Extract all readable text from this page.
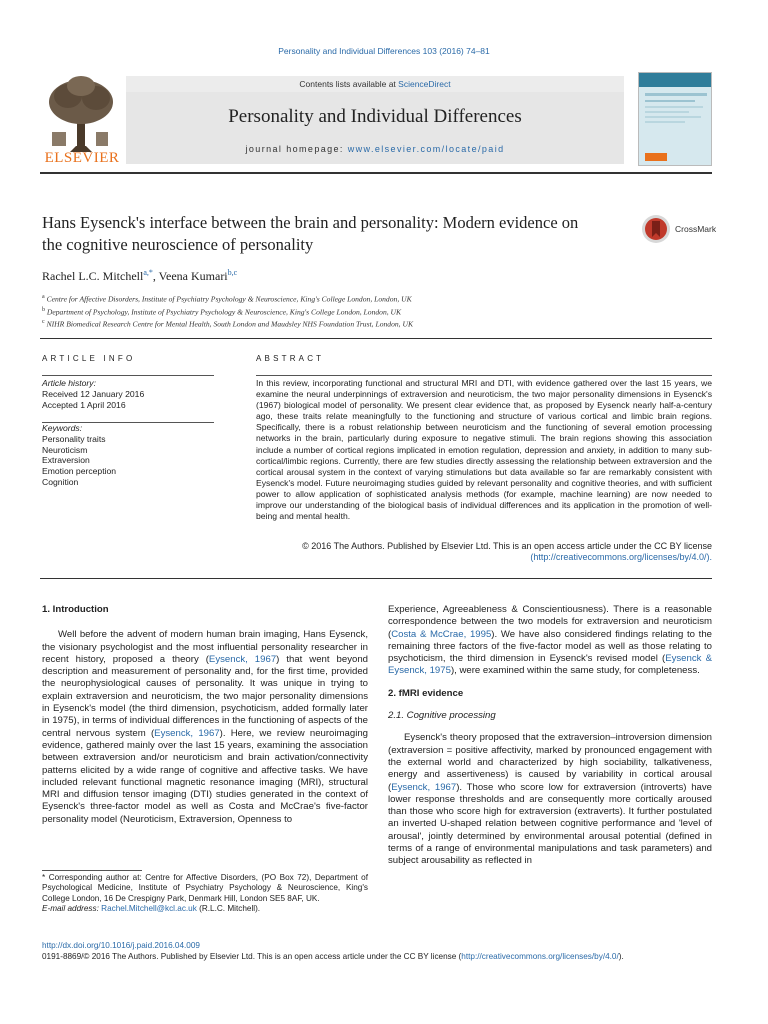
Personality and Individual Differences 103 (2016) 74–81
ELSEVIER
Contents lists available at ScienceDirect
Personality and Individual Differences
journal homepage: www.elsevier.com/locate/paid
Hans Eysenck's interface between the brain and personality: Modern evidence on the cognitive neuroscience of personality
CrossMark
Rachel L.C. Mitchell$^{a,*}$, Veena Kumari$^{b,c}$
$^a$ Centre for Affective Disorders, Institute of Psychiatry Psychology & Neuroscience, King's College London, London, UK
$^b$ Department of Psychology, Institute of Psychiatry Psychology & Neuroscience, King's College London, London, UK
$^c$ NIHR Biomedical Research Centre for Mental Health, South London and Maudsley NHS Foundation Trust, London, UK
ARTICLE INFO	ABSTRACT
Article history:
Received 12 January 2016
Accepted 1 April 2016
Keywords:
Personality traits
Neuroticism
Extraversion
Emotion perception
Cognition
In this review, incorporating functional and structural MRI and DTI, with evidence gathered over the last 15 years, we examine the neural underpinnings of extraversion and neuroticism, the two major personality dimensions in Eysenck's (1967) biological model of personality. We present clear evidence that, as proposed by Eysenck nearly half-a-century ago, these traits relate meaningfully to the functioning and structure of various cortical and limbic brain regions. Specifically, there is a robust relationship between neuroticism and the functioning of several emotion processing networks in the brain, particularly during exposure to negative stimuli. The brain regions showing this association include a number of cortical regions implicated in emotion regulation, depression and anxiety, in addition to many sub-cortical/limbic regions. Currently, there are few studies directly assessing the relationship between extraversion and the cortical arousal system in the context of varying stimulations but data available so far are remarkably consistent with Eysenck's model. Future neuroimaging studies guided by relevant personality and cognitive theories, and with sufficient power to allow application of sophisticated analysis methods (for example, machine learning) are now needed to improve our understanding of the biological basis of individual differences and its application in the promotion of well-being and mental health.
© 2016 The Authors. Published by Elsevier Ltd. This is an open access article under the CC BY license
(http://creativecommons.org/licenses/by/4.0/).
1. Introduction

Well before the advent of modern human brain imaging, Hans Eysenck, the visionary psychologist and the most influential personality researcher in recent history, proposed a theory (Eysenck, 1967) that went beyond description and measurement of personality and, for the first time, provided the neurophysiological causes of personality. It was unique in trying to explain extraversion and neuroticism, the two major personality dimensions in Eysenck's model (the third dimension, psychoticism, added formally later in 1975), in terms of individual differences in the functioning of aspects of the central nervous system (Eysenck, 1967). Here, we review neuroimaging evidence, gathered mainly over the last 15 years, examining the association between extraversion and/or neuroticism and brain activation/connectivity patterns elicited by a wide range of cognitive and affective tasks. We have included relevant functional magnetic resonance imaging (MRI), structural MRI and diffusion tensor imaging (DTI) studies generated in the context of Eysenck's three-factor model as well as Costa and McCrae's five-factor personality model (Neuroticism, Extraversion, Openness to

Experience, Agreeableness & Conscientiousness). There is a reasonable correspondence between the two models for extraversion and neuroticism (Costa & McCrae, 1995). We have also considered findings relating to the remaining three factors of the five-factor model as well as those relating to psychoticism, the third dimension in Eysenck's revised model (Eysenck & Eysenck, 1975), were examined within the same study, for completeness.

2. fMRI evidence
2.1. Cognitive processing

Eysenck's theory proposed that the extraversion–introversion dimension (extraversion = positive affectivity, marked by pronounced engagement with the external world and characterized by high sociability, talkativeness, energy and assertiveness) is caused by variability in cortical arousal (Eysenck, 1967). Those who score low for extraversion (introverts) have lower response thresholds and are consequently more cortically aroused than those who score high for extraversion (extraverts). It further postulated an inverted U-shaped relation between cognitive performance and 'level of arousal', jointly determined by environmental arousal potential (defined in terms of a range of environmental manipulations and task parameters) and subject arousability as reflected in

* Corresponding author at: Centre for Affective Disorders, (PO Box 72), Department of Psychological Medicine, Institute of Psychiatry Psychology & Neuroscience, King's College London, 16 De Crespigny Park, Denmark Hill, London SE5 8AF, UK.
E-mail address: Rachel.Mitchell@kcl.ac.uk (R.L.C. Mitchell).
http://dx.doi.org/10.1016/j.paid.2016.04.009
0191-8869/© 2016 The Authors. Published by Elsevier Ltd. This is an open access article under the CC BY license (http://creativecommons.org/licenses/by/4.0/).
